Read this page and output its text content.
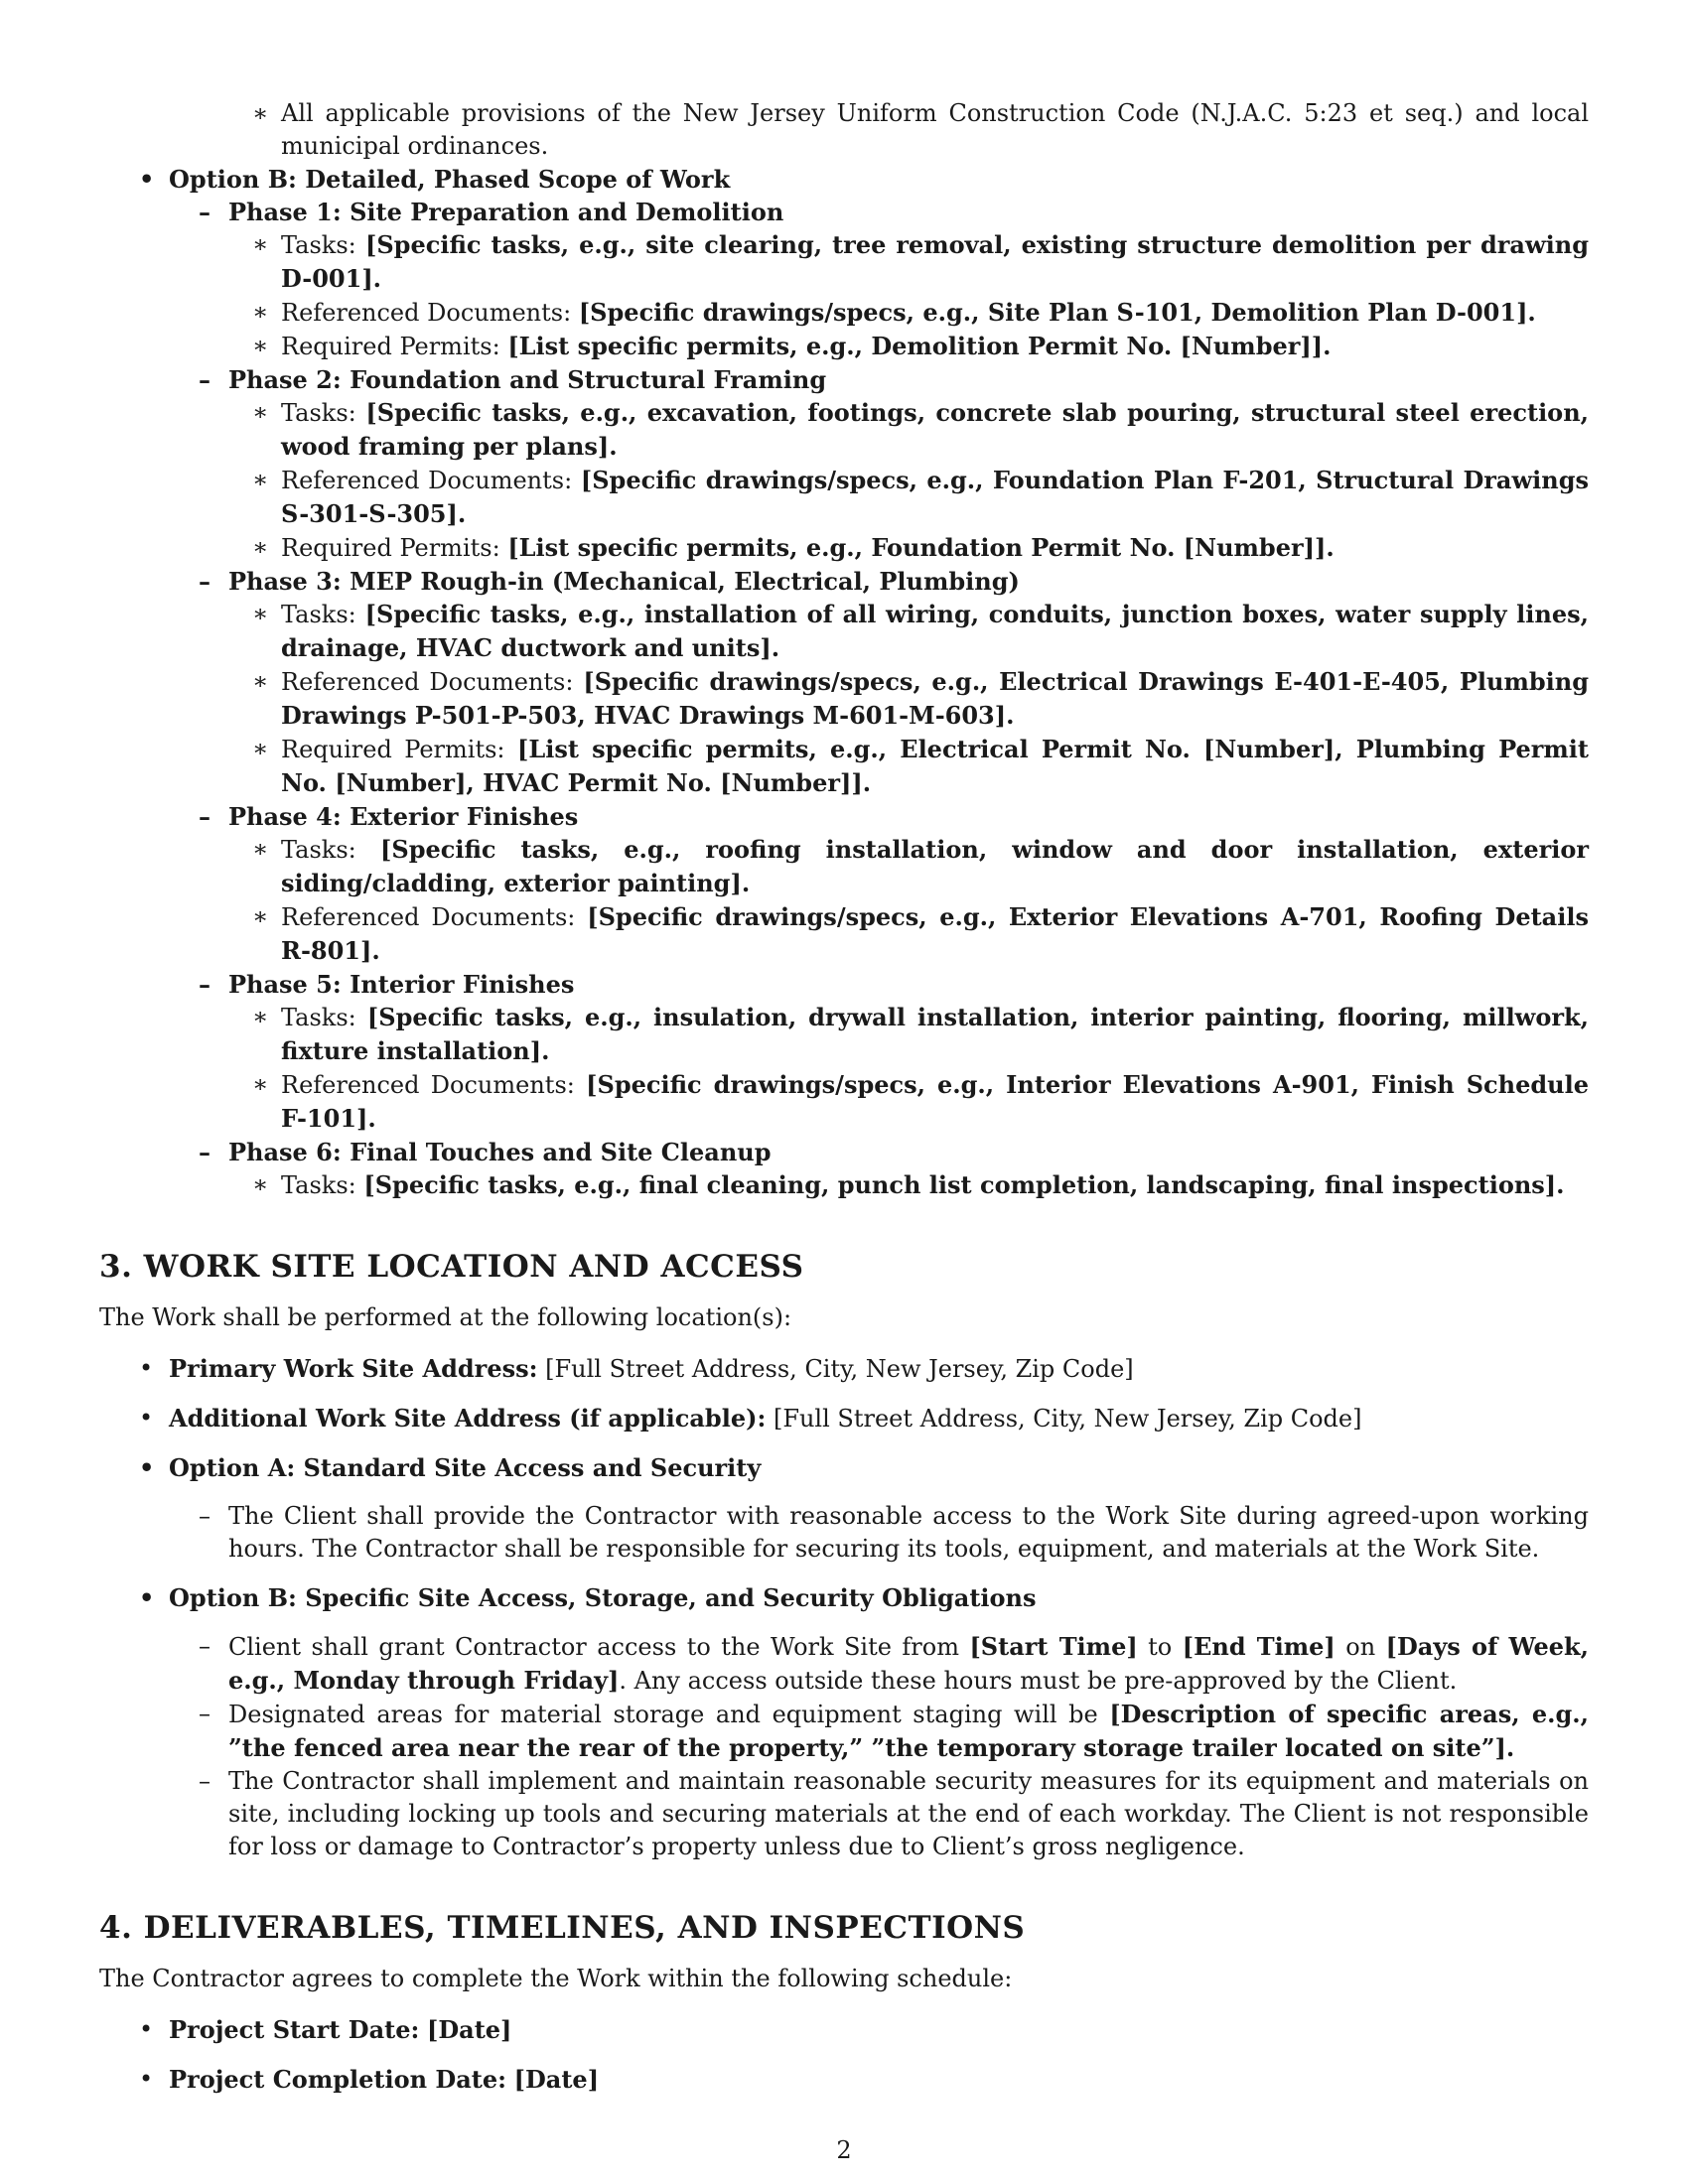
∗ All applicable provisions of the New Jersey Uniform Construction Code (N.J.A.C. 5:23 et seq.) and local municipal ordinances.
• Option B: Detailed, Phased Scope of Work
– Phase 1: Site Preparation and Demolition
∗ Tasks: [Specific tasks, e.g., site clearing, tree removal, existing structure demolition per drawing D-001].
∗ Referenced Documents: [Specific drawings/specs, e.g., Site Plan S-101, Demolition Plan D-001].
∗ Required Permits: [List specific permits, e.g., Demolition Permit No. [Number]].
– Phase 2: Foundation and Structural Framing
∗ Tasks: [Specific tasks, e.g., excavation, footings, concrete slab pouring, structural steel erection, wood framing per plans].
∗ Referenced Documents: [Specific drawings/specs, e.g., Foundation Plan F-201, Structural Drawings S-301-S-305].
∗ Required Permits: [List specific permits, e.g., Foundation Permit No. [Number]].
– Phase 3: MEP Rough-in (Mechanical, Electrical, Plumbing)
∗ Tasks: [Specific tasks, e.g., installation of all wiring, conduits, junction boxes, water supply lines, drainage, HVAC ductwork and units].
∗ Referenced Documents: [Specific drawings/specs, e.g., Electrical Drawings E-401-E-405, Plumbing Drawings P-501-P-503, HVAC Drawings M-601-M-603].
∗ Required Permits: [List specific permits, e.g., Electrical Permit No. [Number], Plumbing Permit No. [Number], HVAC Permit No. [Number]].
– Phase 4: Exterior Finishes
∗ Tasks: [Specific tasks, e.g., roofing installation, window and door installation, exterior siding/cladding, exterior painting].
∗ Referenced Documents: [Specific drawings/specs, e.g., Exterior Elevations A-701, Roofing Details R-801].
– Phase 5: Interior Finishes
∗ Tasks: [Specific tasks, e.g., insulation, drywall installation, interior painting, flooring, millwork, fixture installation].
∗ Referenced Documents: [Specific drawings/specs, e.g., Interior Elevations A-901, Finish Schedule F-101].
– Phase 6: Final Touches and Site Cleanup
∗ Tasks: [Specific tasks, e.g., final cleaning, punch list completion, landscaping, final inspections].
3. WORK SITE LOCATION AND ACCESS

The Work shall be performed at the following location(s):

• Primary Work Site Address: [Full Street Address, City, New Jersey, Zip Code]
• Additional Work Site Address (if applicable): [Full Street Address, City, New Jersey, Zip Code]
• Option A: Standard Site Access and Security
– The Client shall provide the Contractor with reasonable access to the Work Site during agreed-upon working hours. The Contractor shall be responsible for securing its tools, equipment, and materials at the Work Site.
• Option B: Specific Site Access, Storage, and Security Obligations
– Client shall grant Contractor access to the Work Site from [Start Time] to [End Time] on [Days of Week, e.g., Monday through Friday]. Any access outside these hours must be pre-approved by the Client.
– Designated areas for material storage and equipment staging will be [Description of specific areas, e.g., ”the fenced area near the rear of the property,” ”the temporary storage trailer located on site”].
– The Contractor shall implement and maintain reasonable security measures for its equipment and materials on site, including locking up tools and securing materials at the end of each workday. The Client is not responsible for loss or damage to Contractor’s property unless due to Client’s gross negligence.
4. DELIVERABLES, TIMELINES, AND INSPECTIONS

The Contractor agrees to complete the Work within the following schedule:

• Project Start Date: [Date]
• Project Completion Date: [Date]
2
